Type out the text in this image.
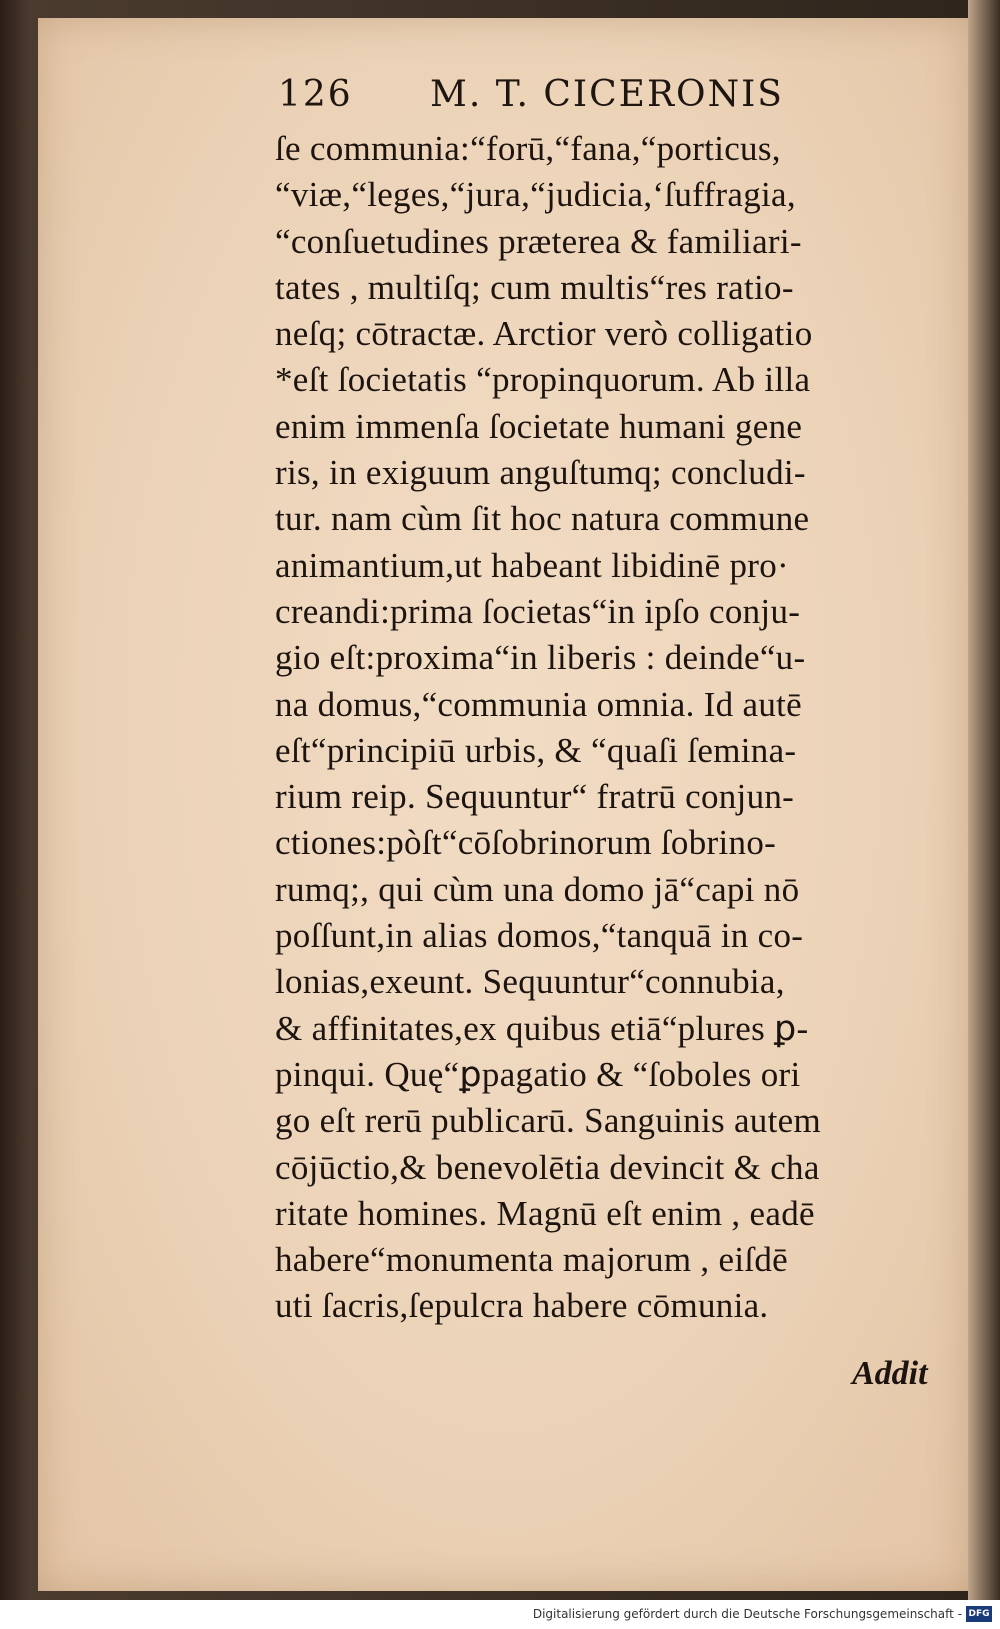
126 M. T. CICERONIS
ſe communia:“forū,“fana,“porticus,
“viæ,“leges,“jura,“judicia,‘ſuffragia,
“conſuetudines præterea & familiari-
tates , multiſq; cum multis“res ratio-
neſq; cōtractæ. Arctior verò colligatio
*eſt ſocietatis “propinquorum. Ab illa
enim immenſa ſocietate humani gene
ris, in exiguum anguſtumq; concludi-
tur. nam cùm ſit hoc natura commune
animantium,ut habeant libidinē pro·
creandi:prima ſocietas“in ipſo conju-
gio eſt:proxima“in liberis : deinde“u-
na domus,“communia omnia. Id autē
eſt“principiū urbis, & “quaſi ſemina-
rium reip. Sequuntur“ fratrū conjun-
ctiones:pòſt“cōſobrinorum ſobrino-
rumq;, qui cùm una domo jā“capi nō
poſſunt,in alias domos,“tanquā in co-
lonias,exeunt. Sequuntur“connubia,
& affinitates,ex quibus etiā“plures ꝑ-
pinqui. Quę“ꝑpagatio & “ſoboles ori
go eſt rerū publicarū. Sanguinis autem
cōjūctio,& benevolētia devincit & cha
ritate homines. Magnū eſt enim , eadē
habere“monumenta majorum , eiſdē
uti ſacris,ſepulcra habere cōmunia.
Addit
Digitalisierung gefördert durch die Deutsche Forschungsgemeinschaft - DFG
